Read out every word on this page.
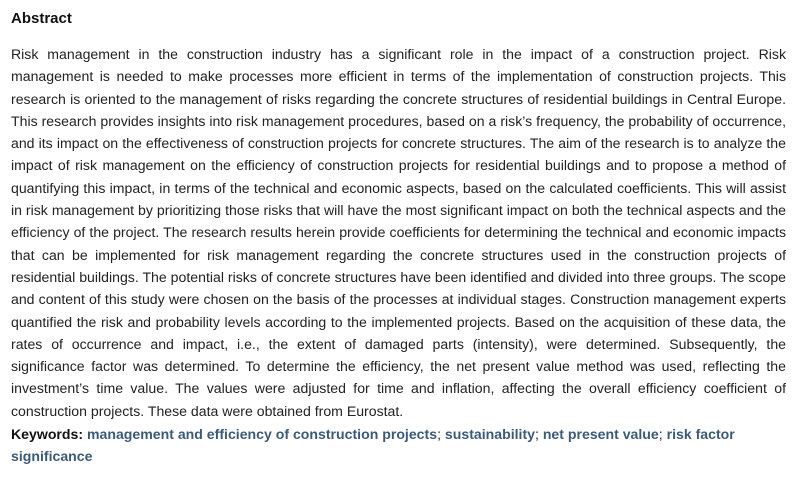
Abstract

Risk management in the construction industry has a significant role in the impact of a construction project. Risk management is needed to make processes more efficient in terms of the implementation of construction projects. This research is oriented to the management of risks regarding the concrete structures of residential buildings in Central Europe. This research provides insights into risk management procedures, based on a risk’s frequency, the probability of occurrence, and its impact on the effectiveness of construction projects for concrete structures. The aim of the research is to analyze the impact of risk management on the efficiency of construction projects for residential buildings and to propose a method of quantifying this impact, in terms of the technical and economic aspects, based on the calculated coefficients. This will assist in risk management by prioritizing those risks that will have the most significant impact on both the technical aspects and the efficiency of the project. The research results herein provide coefficients for determining the technical and economic impacts that can be implemented for risk management regarding the concrete structures used in the construction projects of residential buildings. The potential risks of concrete structures have been identified and divided into three groups. The scope and content of this study were chosen on the basis of the processes at individual stages. Construction management experts quantified the risk and probability levels according to the implemented projects. Based on the acquisition of these data, the rates of occurrence and impact, i.e., the extent of damaged parts (intensity), were determined. Subsequently, the significance factor was determined. To determine the efficiency, the net present value method was used, reflecting the investment’s time value. The values were adjusted for time and inflation, affecting the overall efficiency coefficient of construction projects. These data were obtained from Eurostat.

Keywords: management and efficiency of construction projects; sustainability; net present value; risk factor significance
